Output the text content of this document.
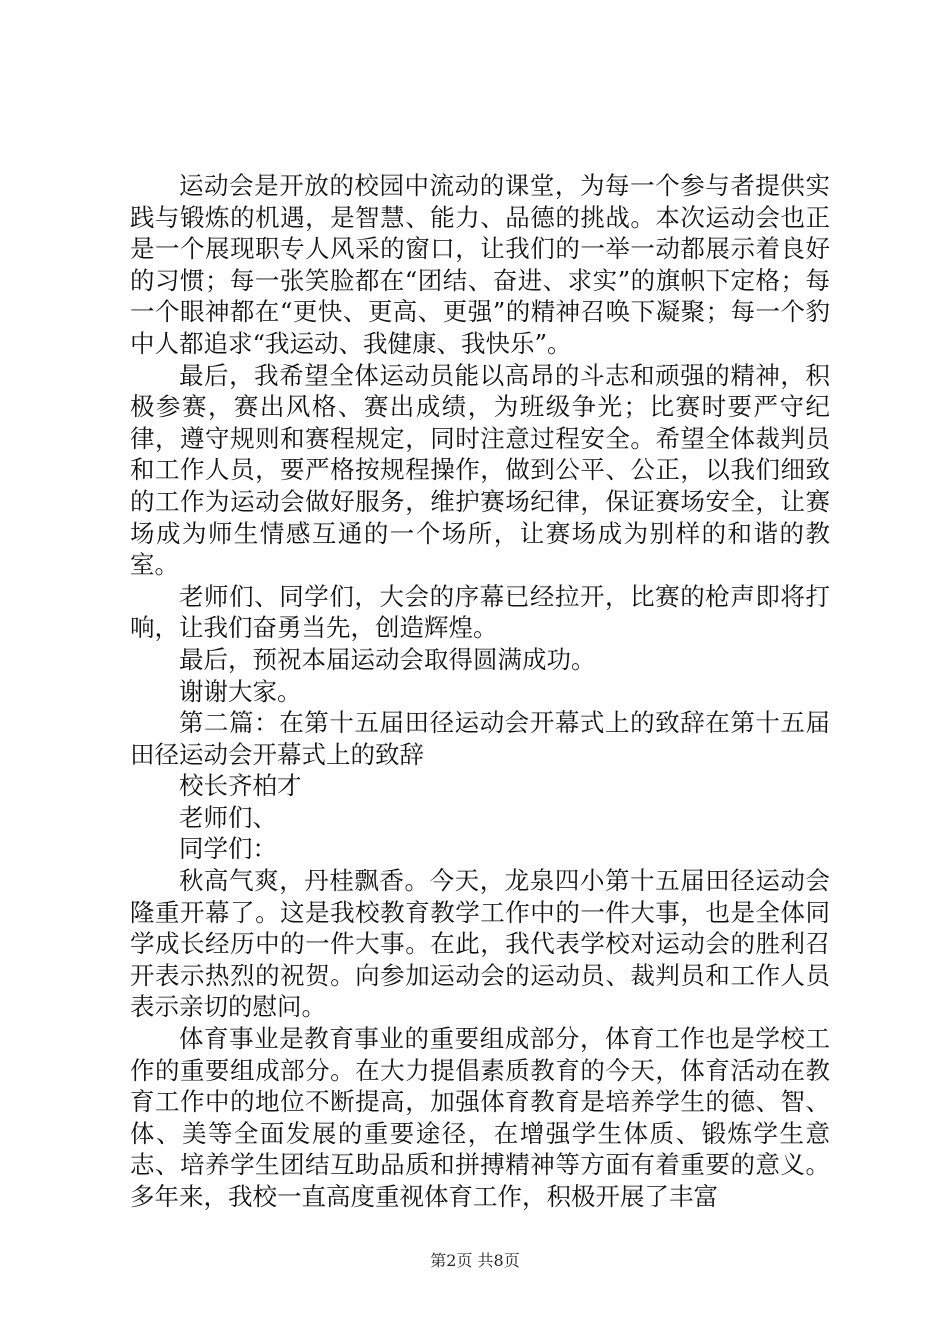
运动会是开放的校园中流动的课堂，为每一个参与者提供实践与锻炼的机遇，是智慧、能力、品德的挑战。本次运动会也正是一个展现职专人风采的窗口，让我们的一举一动都展示着良好的习惯；每一张笑脸都在“团结、奋进、求实”的旗帜下定格；每一个眼神都在“更快、更高、更强”的精神召唤下凝聚；每一个豹中人都追求“我运动、我健康、我快乐”。

最后，我希望全体运动员能以高昂的斗志和顽强的精神，积极参赛，赛出风格、赛出成绩，为班级争光；比赛时要严守纪律，遵守规则和赛程规定，同时注意过程安全。希望全体裁判员和工作人员，要严格按规程操作，做到公平、公正，以我们细致的工作为运动会做好服务，维护赛场纪律，保证赛场安全，让赛场成为师生情感互通的一个场所，让赛场成为别样的和谐的教室。

老师们、同学们，大会的序幕已经拉开，比赛的枪声即将打响，让我们奋勇当先，创造辉煌。

最后，预祝本届运动会取得圆满成功。

谢谢大家。

第二篇：在第十五届田径运动会开幕式上的致辞在第十五届田径运动会开幕式上的致辞

校长齐柏才

老师们、

同学们：

秋高气爽，丹桂飘香。今天，龙泉四小第十五届田径运动会隆重开幕了。这是我校教育教学工作中的一件大事，也是全体同学成长经历中的一件大事。在此，我代表学校对运动会的胜利召开表示热烈的祝贺。向参加运动会的运动员、裁判员和工作人员表示亲切的慰问。

体育事业是教育事业的重要组成部分，体育工作也是学校工作的重要组成部分。在大力提倡素质教育的今天，体育活动在教育工作中的地位不断提高，加强体育教育是培养学生的德、智、体、美等全面发展的重要途径，在增强学生体质、锻炼学生意志、培养学生团结互助品质和拼搏精神等方面有着重要的意义。多年来，我校一直高度重视体育工作，积极开展了丰富

第2页 共8页
